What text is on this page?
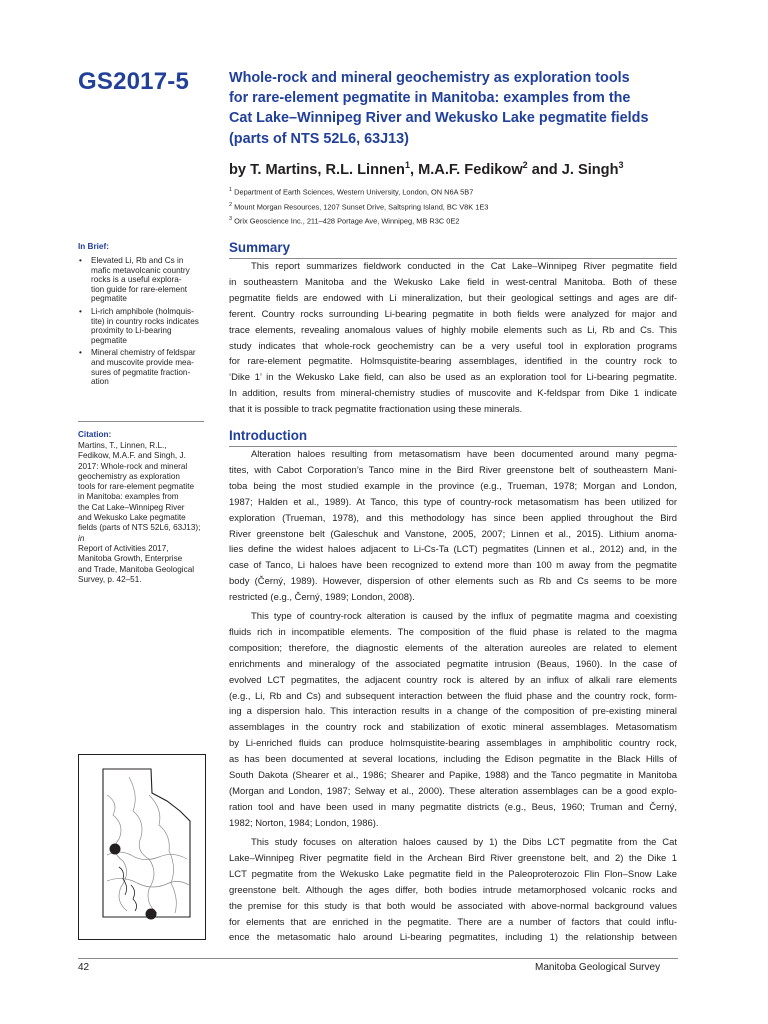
GS2017-5	Whole-rock and mineral geochemistry as exploration tools
for rare-element pegmatite in Manitoba: examples from the
Cat Lake–Winnipeg River and Wekusko Lake pegmatite fields
(parts of NTS 52L6, 63J13)
by T. Martins, R.L. Linnen$^1$, M.A.F. Fedikow$^2$ and J. Singh$^3$
$^1$ Department of Earth Sciences, Western University, London, ON N6A 5B7
$^2$ Mount Morgan Resources, 1207 Sunset Drive, Saltspring Island, BC V8K 1E3
$^3$ Orix Geoscience Inc., 211–428 Portage Ave, Winnipeg, MB R3C 0E2
In Brief:
• Elevated Li, Rb and Cs in
mafic metavolcanic country
rocks is a useful explora-
tion guide for rare-element
pegmatite
• Li-rich amphibole (holmquis-
tite) in country rocks indicates
proximity to Li-bearing
pegmatite
• Mineral chemistry of feldspar
and muscovite provide mea-
sures of pegmatite fraction-
ation
Citation:
Martins, T., Linnen, R.L.,
Fedikow, M.A.F. and Singh, J.
2017: Whole-rock and mineral
geochemistry as exploration
tools for rare-element pegmatite
in Manitoba: examples from
the Cat Lake–Winnipeg River
and Wekusko Lake pegmatite
fields (parts of NTS 52L6, 63J13);
in
Report of Activities 2017,
Manitoba Growth, Enterprise
and Trade, Manitoba Geological
Survey, p. 42–51.
Summary

This report summarizes fieldwork conducted in the Cat Lake–Winnipeg River pegmatite field
in southeastern Manitoba and the Wekusko Lake field in west-central Manitoba. Both of these
pegmatite fields are endowed with Li mineralization, but their geological settings and ages are dif-
ferent. Country rocks surrounding Li-bearing pegmatite in both fields were analyzed for major and
trace elements, revealing anomalous values of highly mobile elements such as Li, Rb and Cs. This
study indicates that whole-rock geochemistry can be a very useful tool in exploration programs
for rare-element pegmatite. Holmsquistite-bearing assemblages, identified in the country rock to
‘Dike 1’ in the Wekusko Lake field, can also be used as an exploration tool for Li-bearing pegmatite.
In addition, results from mineral-chemistry studies of muscovite and K-feldspar from Dike 1 indicate
that it is possible to track pegmatite fractionation using these minerals.

Introduction

Alteration haloes resulting from metasomatism have been documented around many pegma-
tites, with Cabot Corporation’s Tanco mine in the Bird River greenstone belt of southeastern Mani-
toba being the most studied example in the province (e.g., Trueman, 1978; Morgan and London,
1987; Halden et al., 1989). At Tanco, this type of country-rock metasomatism has been utilized for
exploration (Trueman, 1978), and this methodology has since been applied throughout the Bird
River greenstone belt (Galeschuk and Vanstone, 2005, 2007; Linnen et al., 2015). Lithium anoma-
lies define the widest haloes adjacent to Li-Cs-Ta (LCT) pegmatites (Linnen et al., 2012) and, in the
case of Tanco, Li haloes have been recognized to extend more than 100 m away from the pegmatite
body (Černý, 1989). However, dispersion of other elements such as Rb and Cs seems to be more
restricted (e.g., Černý, 1989; London, 2008).

This type of country-rock alteration is caused by the influx of pegmatite magma and coexisting
fluids rich in incompatible elements. The composition of the fluid phase is related to the magma
composition; therefore, the diagnostic elements of the alteration aureoles are related to element
enrichments and mineralogy of the associated pegmatite intrusion (Beaus, 1960). In the case of
evolved LCT pegmatites, the adjacent country rock is altered by an influx of alkali rare elements
(e.g., Li, Rb and Cs) and subsequent interaction between the fluid phase and the country rock, form-
ing a dispersion halo. This interaction results in a change of the composition of pre-existing mineral
assemblages in the country rock and stabilization of exotic mineral assemblages. Metasomatism
by Li-enriched fluids can produce holmsquistite-bearing assemblages in amphibolitic country rock,
as has been documented at several locations, including the Edison pegmatite in the Black Hills of
South Dakota (Shearer et al., 1986; Shearer and Papike, 1988) and the Tanco pegmatite in Manitoba
(Morgan and London, 1987; Selway et al., 2000). These alteration assemblages can be a good explo-
ration tool and have been used in many pegmatite districts (e.g., Beus, 1960; Truman and Černý,
1982; Norton, 1984; London, 1986).

This study focuses on alteration haloes caused by 1) the Dibs LCT pegmatite from the Cat
Lake–Winnipeg River pegmatite field in the Archean Bird River greenstone belt, and 2) the Dike 1
LCT pegmatite from the Wekusko Lake pegmatite field in the Paleoproterozoic Flin Flon–Snow Lake
greenstone belt. Although the ages differ, both bodies intrude metamorphosed volcanic rocks and
the premise for this study is that both would be associated with above-normal background values
for elements that are enriched in the pegmatite. There are a number of factors that could influ-
ence the metasomatic halo around Li-bearing pegmatites, including 1) the relationship between

42	Manitoba Geological Survey
